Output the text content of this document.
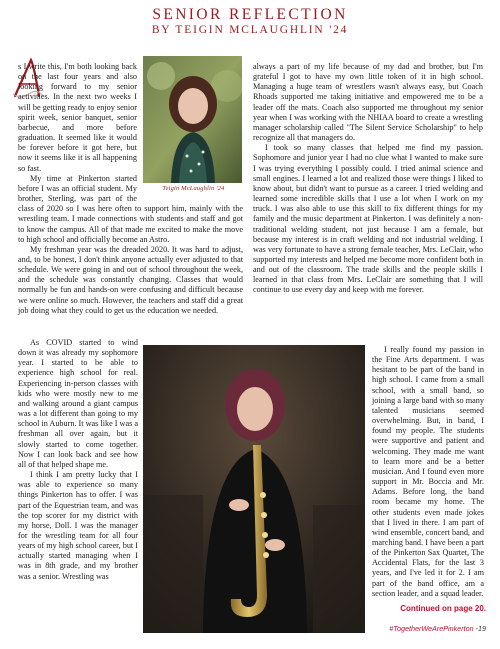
SENIOR REFLECTION
BY TEIGIN MCLAUGHLIN '24

s I write this, I'm both looking back on the last four years and also looking forward to my senior activities. In the next two weeks I will be getting ready to enjoy senior spirit week, senior banquet, senior barbecue, and more before graduation. It seemed like it would be forever before it got here, but now it seems like it is all happening so fast.

My time at Pinkerton started before I was an official student. My brother, Sterling, was part of the class of 2020 so I was here often to support him, mainly with the wrestling team. I made connections with students and staff and got to know the campus. All of that made me excited to make the move to high school and officially become an Astro.

My freshman year was the dreaded 2020. It was hard to adjust, and, to be honest, I don't think anyone actually ever adjusted to that schedule. We were going in and out of school throughout the week, and the schedule was constantly changing. Classes that would normally be fun and hands-on were confusing and difficult because we were online so much. However, the teachers and staff did a great job doing what they could to get us the education we needed.

As COVID started to wind down it was already my sophomore year. I started to be able to experience high school for real. Experiencing in-person classes with kids who were mostly new to me and walking around a giant campus was a lot different than going to my school in Auburn. It was like I was a freshman all over again, but it slowly started to come together. Now I can look back and see how all of that helped shape me.

I think I am pretty lucky that I was able to experience so many things Pinkerton has to offer. I was part of the Equestrian team, and was the top scorer for my district with my horse, Doll. I was the manager for the wrestling team for all four years of my high school career, but I actually started managing when I was in 8th grade, and my brother was a senior. Wrestling was

always a part of my life because of my dad and brother, but I'm grateful I got to have my own little token of it in high school. Managing a huge team of wrestlers wasn't always easy, but Coach Rhoads supported me taking initiative and empowered me to be a leader off the mats. Coach also supported me throughout my senior year when I was working with the NHIAA board to create a wrestling manager scholarship called "The Silent Service Scholarship" to help recognize all that managers do.

I took so many classes that helped me find my passion. Sophomore and junior year I had no clue what I wanted to make sure I was trying everything I possibly could. I tried animal science and small engines. I learned a lot and realized those were things I liked to know about, but didn't want to pursue as a career. I tried welding and learned some incredible skills that I use a lot when I work on my truck. I was also able to use this skill to fix different things for my family and the music department at Pinkerton. I was definitely a non-traditional welding student, not just because I am a female, but because my interest is in craft welding and not industrial welding. I was very fortunate to have a strong female teacher, Mrs. LeClair, who supported my interests and helped me become more confident both in and out of the classroom. The trade skills and the people skills I learned in that class from Mrs. LeClair are something that I will continue to use every day and keep with me forever.

I really found my passion in the Fine Arts department. I was hesitant to be part of the band in high school. I came from a small school, with a small band, so joining a large band with so many talented musicians seemed overwhelming. But, in band, I found my people. The students were supportive and patient and welcoming. They made me want to learn more and be a better musician. And I found even more support in Mr. Boccia and Mr. Adams. Before long, the band room became my home. The other students even made jokes that I lived in there. I am part of wind ensemble, concert band, and marching band. I have been a part of the Pinkerton Sax Quartet, The Accidental Flats, for the last 3 years, and I've led it for 2. I am part of the band office, am a section leader, and a squad leader.

Teigin McLaughlin '24
Continued on page 20.
#TogetherWeArePinkerton -19
